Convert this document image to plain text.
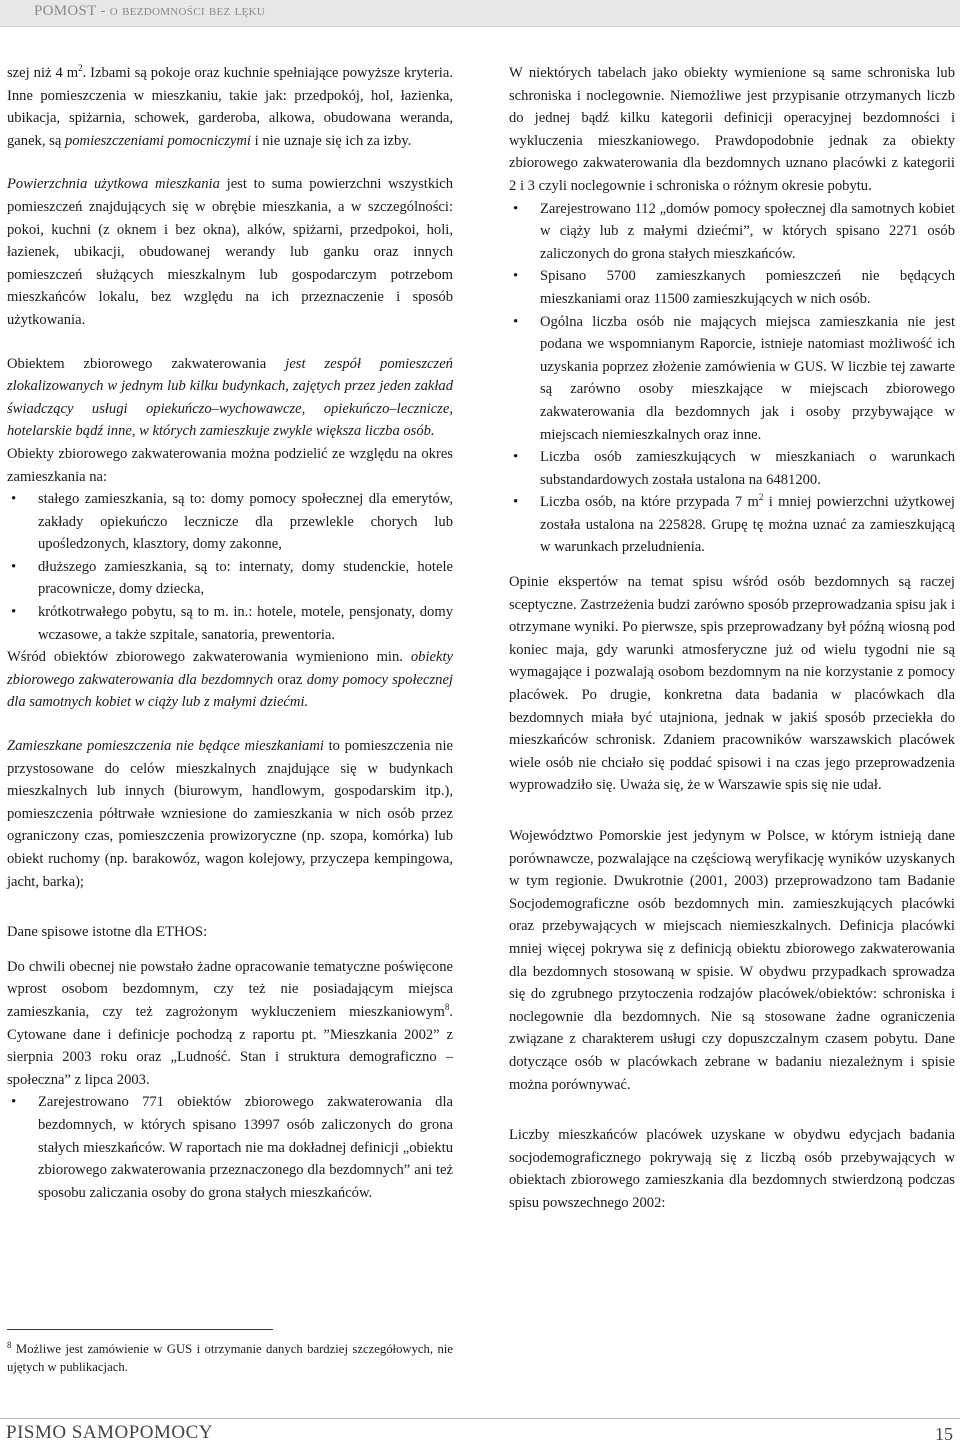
POMOST - o bezdomności bez lęku

szej niż 4 $m^2$. Izbami są pokoje oraz kuchnie spełniające powyższe kryteria. Inne pomieszczenia w mieszkaniu, takie jak: przedpokój, hol, łazienka, ubikacja, spiżarnia, schowek, garderoba, alkowa, obudowana weranda, ganek, są pomieszczeniami pomocniczymi i nie uznaje się ich za izby.

Powierzchnia użytkowa mieszkania jest to suma powierzchni wszystkich pomieszczeń znajdujących się w obrębie mieszkania, a w szczególności: pokoi, kuchni (z oknem i bez okna), alków, spiżarni, przedpokoi, holi, łazienek, ubikacji, obudowanej werandy lub ganku oraz innych pomieszczeń służących mieszkalnym lub gospodarczym potrzebom mieszkańców lokalu, bez względu na ich przeznaczenie i sposób użytkowania.

Obiektem zbiorowego zakwaterowania jest zespół pomieszczeń zlokalizowanych w jednym lub kilku budynkach, zajętych przez jeden zakład świadczący usługi opiekuńczo–wychowawcze, opiekuńczo–lecznicze, hotelarskie bądź inne, w których zamieszkuje zwykle większa liczba osób.

Obiekty zbiorowego zakwaterowania można podzielić ze względu na okres zamieszkania na:

• stałego zamieszkania, są to: domy pomocy społecznej dla emerytów, zakłady opiekuńczo lecznicze dla przewlekle chorych lub upośledzonych, klasztory, domy zakonne,
• dłuższego zamieszkania, są to: internaty, domy studenckie, hotele pracownicze, domy dziecka,
• krótkotrwałego pobytu, są to m. in.: hotele, motele, pensjonaty, domy wczasowe, a także szpitale, sanatoria, prewentoria.

Wśród obiektów zbiorowego zakwaterowania wymieniono min. obiekty zbiorowego zakwaterowania dla bezdomnych oraz domy pomocy społecznej dla samotnych kobiet w ciąży lub z małymi dziećmi.

Zamieszkane pomieszczenia nie będące mieszkaniami to pomieszczenia nie przystosowane do celów mieszkalnych znajdujące się w budynkach mieszkalnych lub innych (biurowym, handlowym, gospodarskim itp.), pomieszczenia półtrwałe wzniesione do zamieszkania w nich osób przez ograniczony czas, pomieszczenia prowizoryczne (np. szopa, komórka) lub obiekt ruchomy (np. barakowóz, wagon kolejowy, przyczepa kempingowa, jacht, barka);

Dane spisowe istotne dla ETHOS:

Do chwili obecnej nie powstało żadne opracowanie tematyczne poświęcone wprost osobom bezdomnym, czy też nie posiadającym miejsca zamieszkania, czy też zagrożonym wykluczeniem mieszkaniowym$^8$. Cytowane dane i definicje pochodzą z raportu pt. ”Mieszkania 2002” z sierpnia 2003 roku oraz „Ludność. Stan i struktura demograficzno – społeczna” z lipca 2003.

• Zarejestrowano 771 obiektów zbiorowego zakwaterowania dla bezdomnych, w których spisano 13997 osób zaliczonych do grona stałych mieszkańców. W raportach nie ma dokładnej definicji „obiektu zbiorowego zakwaterowania przeznaczonego dla bezdomnych” ani też sposobu zaliczania osoby do grona stałych mieszkańców.
$^8$ Możliwe jest zamówienie w GUS i otrzymanie danych bardziej szczegółowych, nie ujętych w publikacjach.

W niektórych tabelach jako obiekty wymienione są same schroniska lub schroniska i noclegownie. Niemożliwe jest przypisanie otrzymanych liczb do jednej bądź kilku kategorii definicji operacyjnej bezdomności i wykluczenia mieszkaniowego. Prawdopodobnie jednak za obiekty zbiorowego zakwaterowania dla bezdomnych uznano placówki z kategorii 2 i 3 czyli noclegownie i schroniska o różnym okresie pobytu.

• Zarejestrowano 112 „domów pomocy społecznej dla samotnych kobiet w ciąży lub z małymi dziećmi”, w których spisano 2271 osób zaliczonych do grona stałych mieszkańców.
• Spisano 5700 zamieszkanych pomieszczeń nie będących mieszkaniami oraz 11500 zamieszkujących w nich osób.
• Ogólna liczba osób nie mających miejsca zamieszkania nie jest podana we wspomnianym Raporcie, istnieje natomiast możliwość ich uzyskania poprzez złożenie zamówienia w GUS. W liczbie tej zawarte są zarówno osoby mieszkające w miejscach zbiorowego zakwaterowania dla bezdomnych jak i osoby przybywające w miejscach niemieszkalnych oraz inne.
• Liczba osób zamieszkujących w mieszkaniach o warunkach substandardowych została ustalona na 6481200.
• Liczba osób, na które przypada 7 $m^2$ i mniej powierzchni użytkowej została ustalona na 225828. Grupę tę można uznać za zamieszkującą w warunkach przeludnienia.

Opinie ekspertów na temat spisu wśród osób bezdomnych są raczej sceptyczne. Zastrzeżenia budzi zarówno sposób przeprowadzania spisu jak i otrzymane wyniki. Po pierwsze, spis przeprowadzany był późną wiosną pod koniec maja, gdy warunki atmosferyczne już od wielu tygodni nie są wymagające i pozwalają osobom bezdomnym na nie korzystanie z pomocy placówek. Po drugie, konkretna data badania w placówkach dla bezdomnych miała być utajniona, jednak w jakiś sposób przeciekła do mieszkańców schronisk. Zdaniem pracowników warszawskich placówek wiele osób nie chciało się poddać spisowi i na czas jego przeprowadzenia wyprowadziło się. Uważa się, że w Warszawie spis się nie udał.

Województwo Pomorskie jest jedynym w Polsce, w którym istnieją dane porównawcze, pozwalające na częściową weryfikację wyników uzyskanych w tym regionie. Dwukrotnie (2001, 2003) przeprowadzono tam Badanie Socjodemograficzne osób bezdomnych min. zamieszkujących placówki oraz przebywających w miejscach niemieszkalnych. Definicja placówki mniej więcej pokrywa się z definicją obiektu zbiorowego zakwaterowania dla bezdomnych stosowaną w spisie. W obydwu przypadkach sprowadza się do zgrubnego przytoczenia rodzajów placówek/obiektów: schroniska i noclegownie dla bezdomnych. Nie są stosowane żadne ograniczenia związane z charakterem usługi czy dopuszczalnym czasem pobytu. Dane dotyczące osób w placówkach zebrane w badaniu niezależnym i spisie można porównywać.

Liczby mieszkańców placówek uzyskane w obydwu edycjach badania socjodemograficznego pokrywają się z liczbą osób przebywających w obiektach zbiorowego zamieszkania dla bezdomnych stwierdzoną podczas spisu powszechnego 2002:

PISMO SAMOPOMOCY	15
